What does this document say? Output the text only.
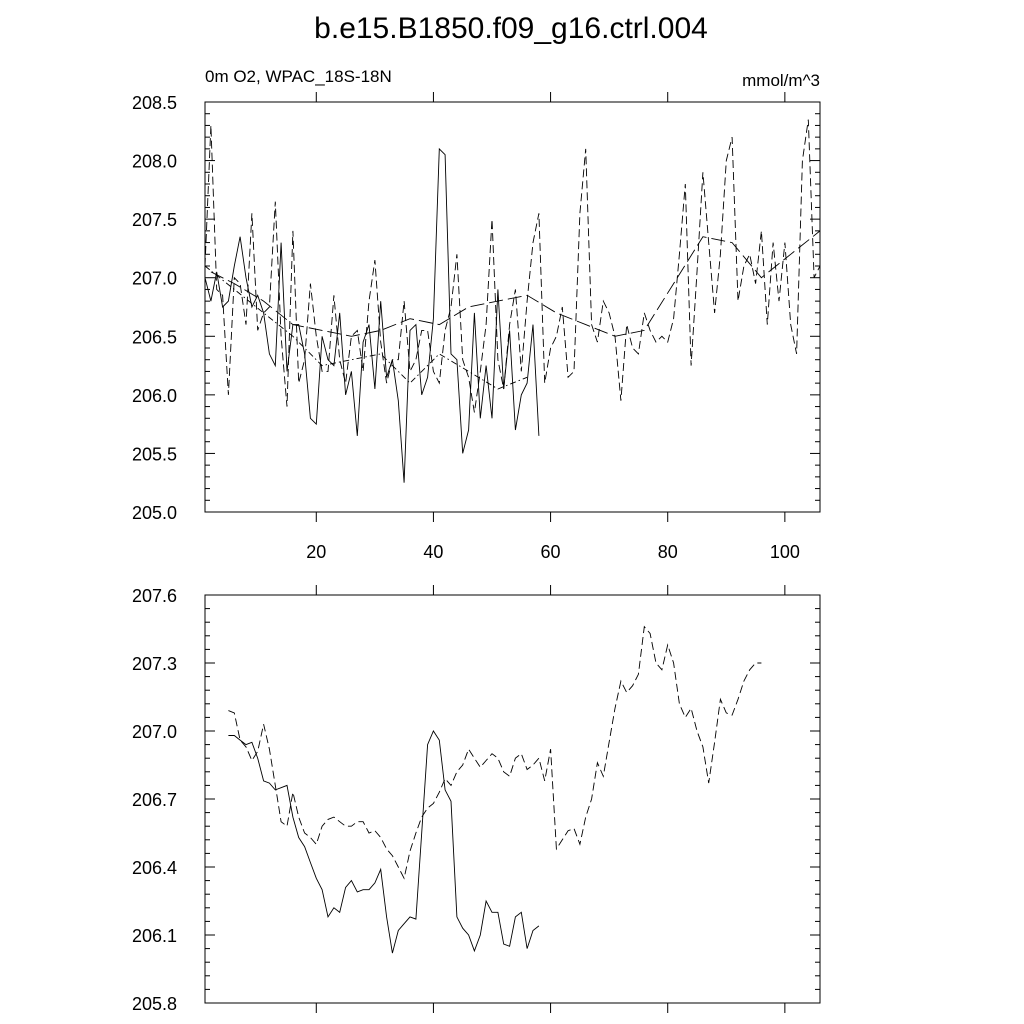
b.e15.B1850.f09_g16.ctrl.004
0m O2, WPAC_18S-18N	mmol/m^3
205.0
205.5
206.0
206.5
207.0
207.5
208.0
208.5
20	40	60	80	100
205.8
206.1
206.4
206.7
207.0
207.3
207.6
